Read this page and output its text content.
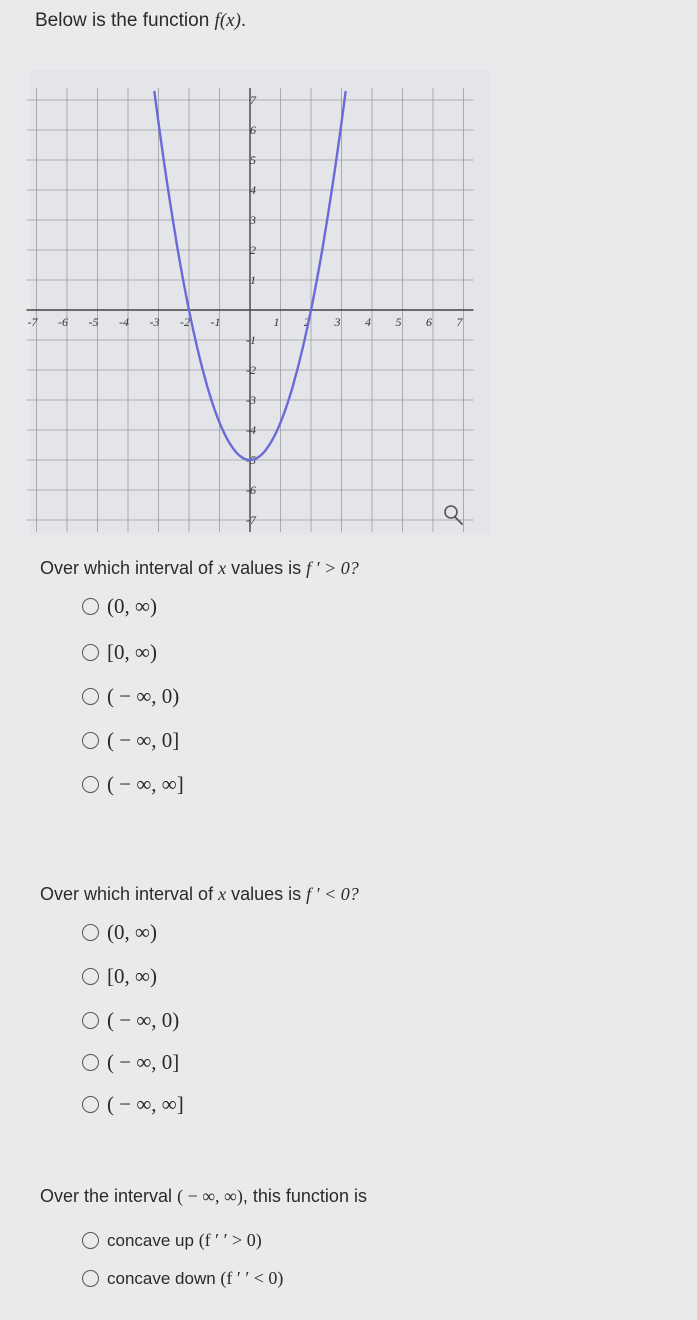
Below is the function f(x).
-7 -6 -5 -4 -3 -2 -1	1 2 3 4 5 6 7
7
6
5
4
3
2
1
-1
-2
-3
-4
-5
-6
-7
Over which interval of x values is f ′ > 0?
(0, ∞)
[0, ∞)
( − ∞, 0)
( − ∞, 0]
( − ∞, ∞]
Over which interval of x values is f ′ < 0?
(0, ∞)
[0, ∞)
( − ∞, 0)
( − ∞, 0]
( − ∞, ∞]
Over the interval ( − ∞, ∞), this function is
concave up (f ′ ′ > 0)
concave down (f ′ ′ < 0)
